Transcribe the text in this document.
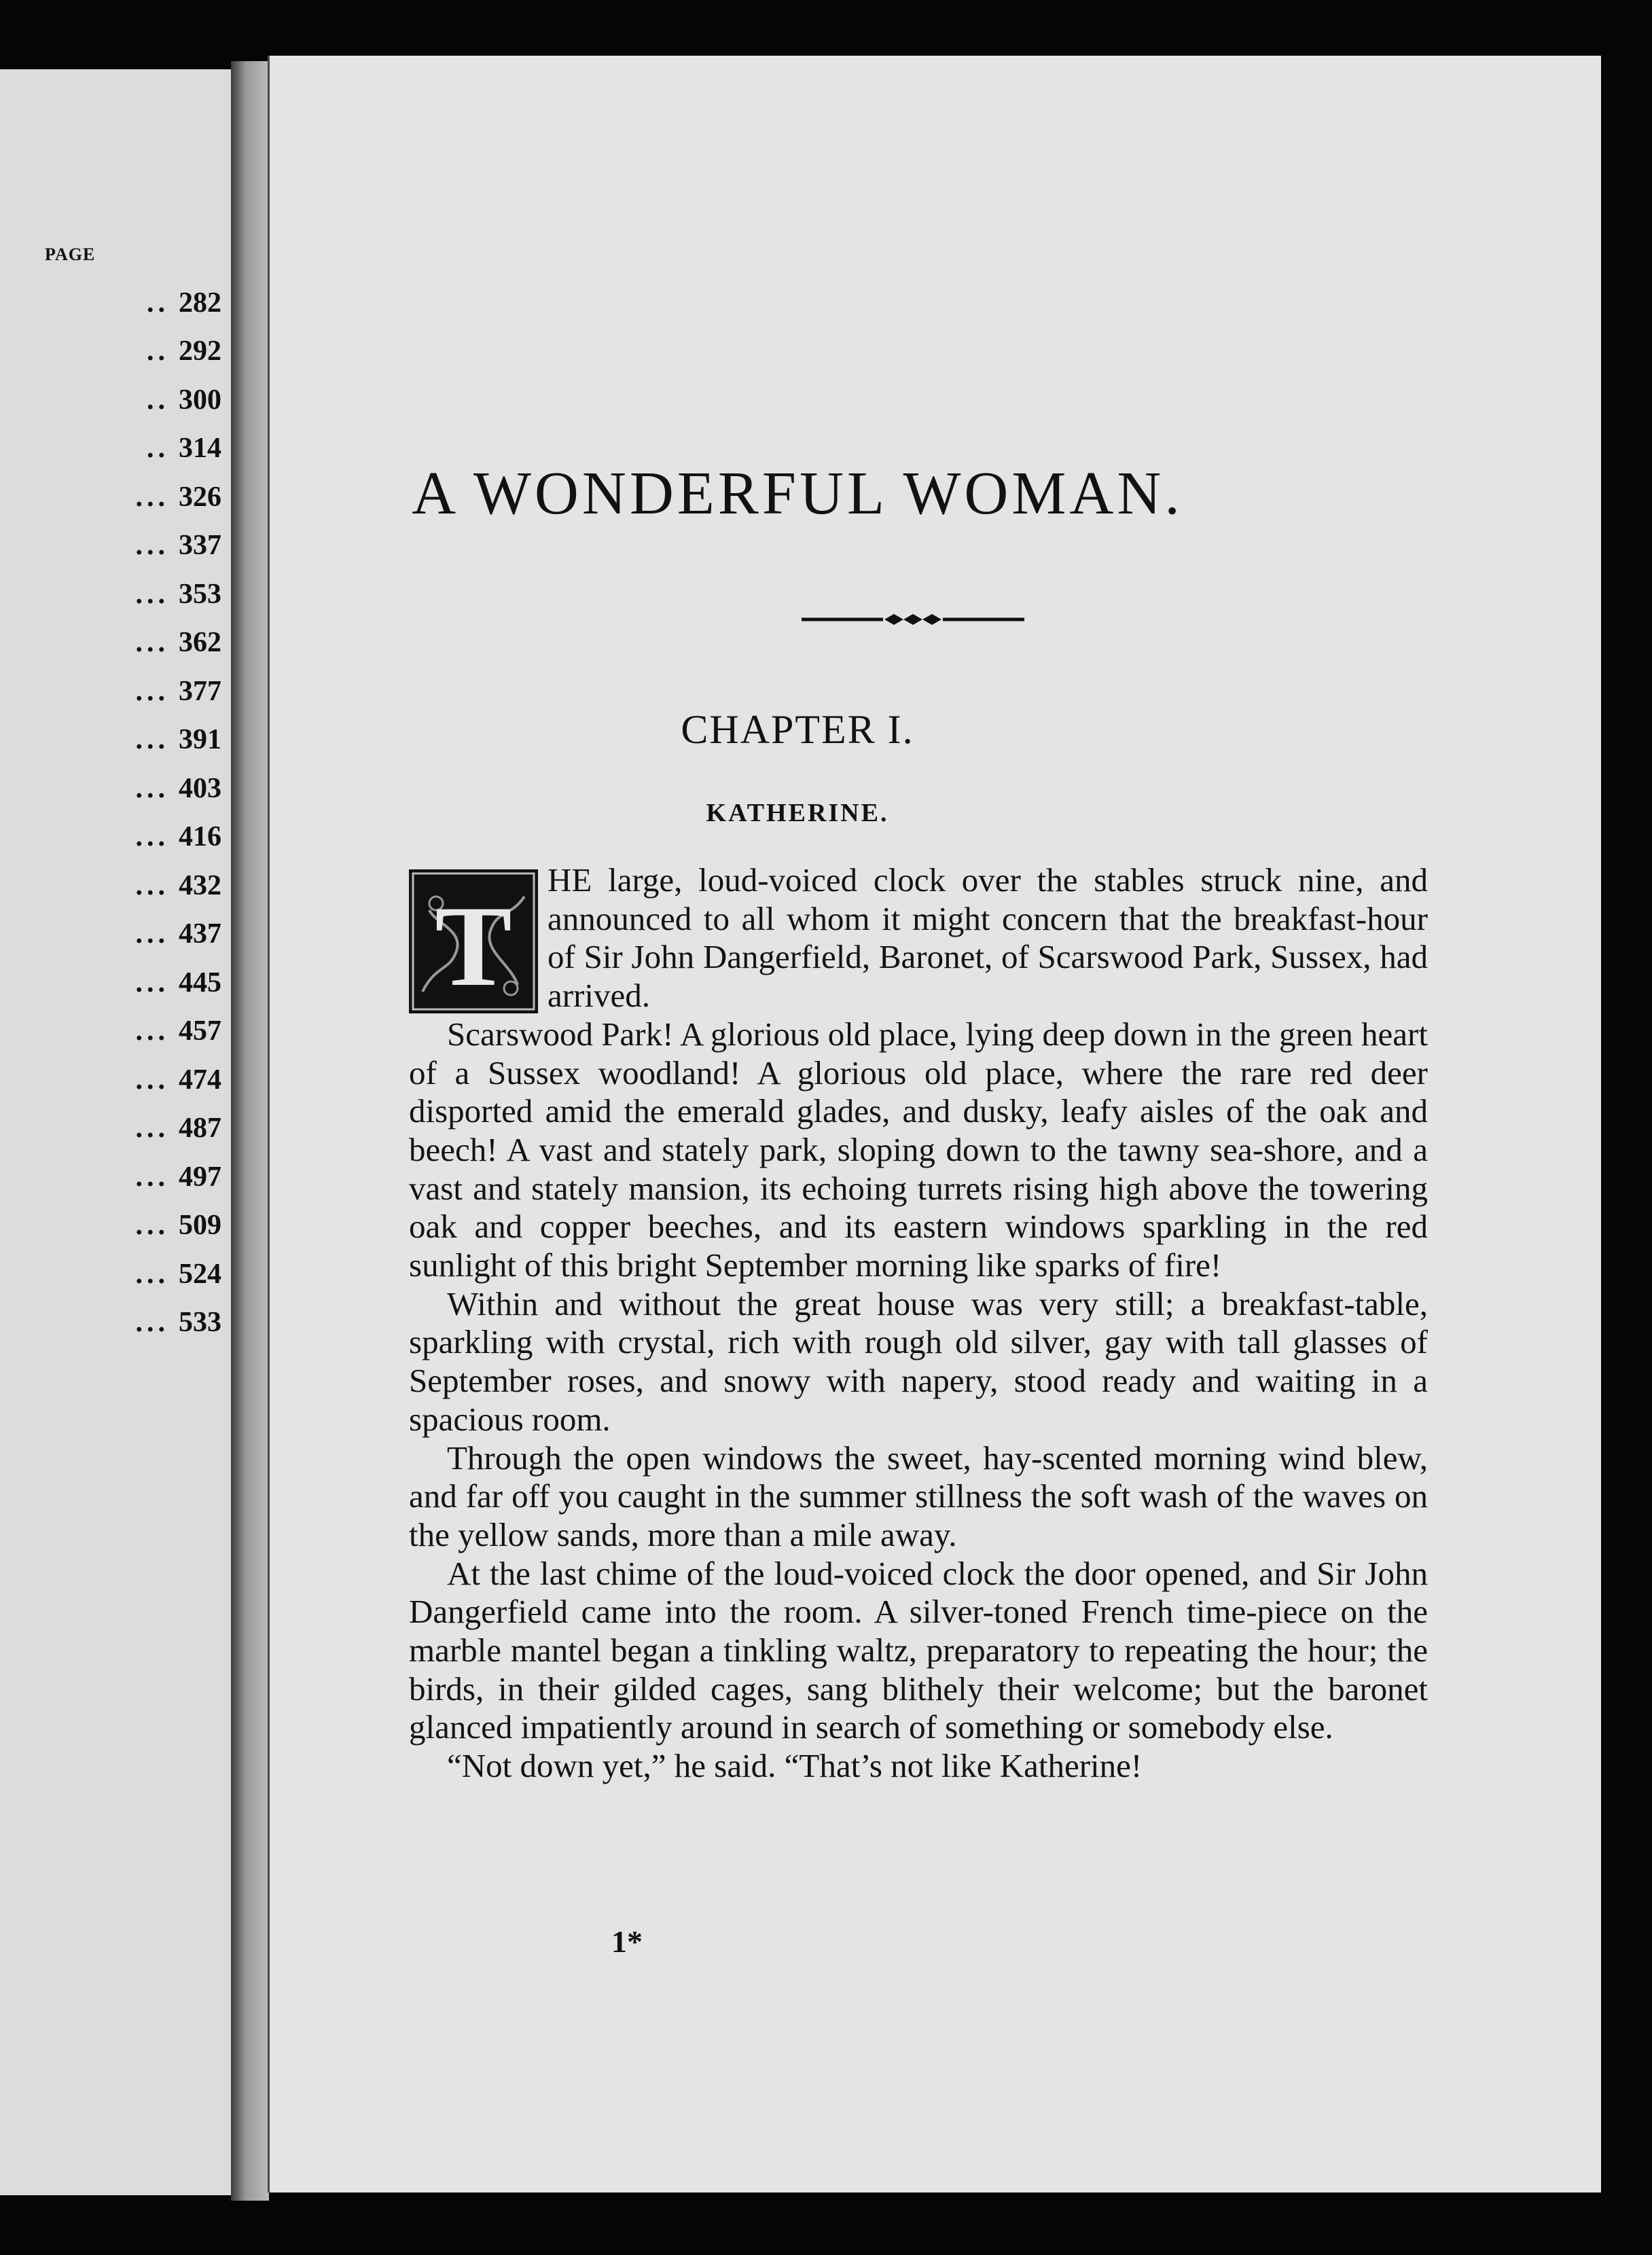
PAGE
.. 282
.. 292
.. 300
.. 314
... 326
... 337
... 353
... 362
... 377
... 391
... 403
... 416
... 432
... 437
... 445
... 457
... 474
... 487
... 497
... 509
... 524
... 533
A WONDERFUL WOMAN.
CHAPTER I.
KATHERINE.
T

HE large, loud-voiced clock over the stables struck nine, and announced to all whom it might concern that the breakfast-hour of Sir John Dangerfield, Baronet, of Scarswood Park, Sussex, had arrived.

Scarswood Park! A glorious old place, lying deep down in the green heart of a Sussex woodland! A glorious old place, where the rare red deer disported amid the emerald glades, and dusky, leafy aisles of the oak and beech! A vast and stately park, sloping down to the tawny sea-shore, and a vast and stately mansion, its echoing turrets rising high above the towering oak and copper beeches, and its eastern windows sparkling in the red sunlight of this bright September morning like sparks of fire!

Within and without the great house was very still; a breakfast-table, sparkling with crystal, rich with rough old silver, gay with tall glasses of September roses, and snowy with napery, stood ready and waiting in a spacious room.

Through the open windows the sweet, hay-scented morning wind blew, and far off you caught in the summer stillness the soft wash of the waves on the yellow sands, more than a mile away.

At the last chime of the loud-voiced clock the door opened, and Sir John Dangerfield came into the room. A silver-toned French time-piece on the marble mantel began a tinkling waltz, preparatory to repeating the hour; the birds, in their gilded cages, sang blithely their welcome; but the baronet glanced impatiently around in search of something or somebody else.

“Not down yet,” he said. “That’s not like Katherine!

1*
